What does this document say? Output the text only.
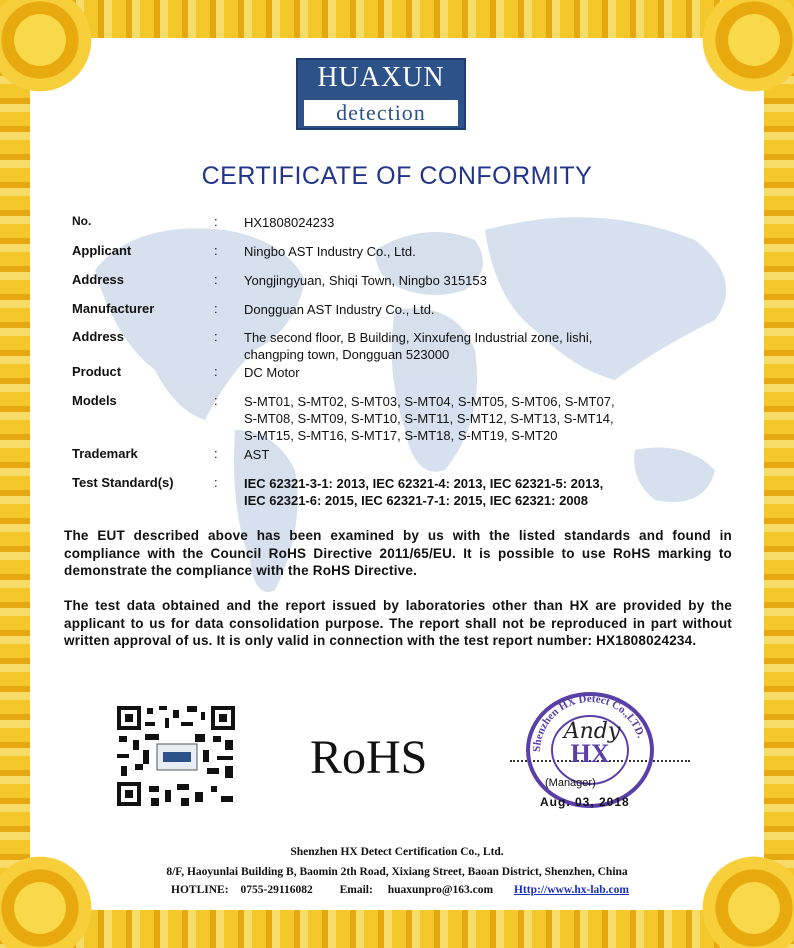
HUAXUN
detection
CERTIFICATE OF CONFORMITY
No.	: HX1808024233
Applicant	: Ningbo AST Industry Co., Ltd.
Address	: Yongjingyuan, Shiqi Town, Ningbo 315153
Manufacturer	: Dongguan AST Industry Co., Ltd.
Address	: The second floor, B Building, Xinxufeng Industrial zone, lishi,
changping town, Dongguan 523000
Product	: DC Motor
Models	: S-MT01, S-MT02, S-MT03, S-MT04, S-MT05, S-MT06, S-MT07,
S-MT08, S-MT09, S-MT10, S-MT11, S-MT12, S-MT13, S-MT14,
S-MT15, S-MT16, S-MT17, S-MT18, S-MT19, S-MT20
Trademark	: AST
Test Standard(s)	: IEC 62321-3-1: 2013, IEC 62321-4: 2013, IEC 62321-5: 2013,
IEC 62321-6: 2015, IEC 62321-7-1: 2015, IEC 62321: 2008
The EUT described above has been examined by us with the listed standards and found in compliance with the Council RoHS Directive 2011/65/EU. It is possible to use RoHS marking to demonstrate the compliance with the RoHS Directive.
The test data obtained and the report issued by laboratories other than HX are provided by the applicant to us for data consolidation purpose. The report shall not be reproduced in part without written approval of us. It is only valid in connection with the test report number: HX1808024234.
RoHS	Shenzhen HX Detect Co.,LTD.
HX
Andy
(Manager)
Aug. 03, 2018
Shenzhen HX Detect Certification Co., Ltd.
8/F, Haoyunlai Building B, Baomin 2th Road, Xixiang Street, Baoan District, Shenzhen, China
HOTLINE: 0755-29116082 Email: huaxunpro@163.com Http://www.hx-lab.com
